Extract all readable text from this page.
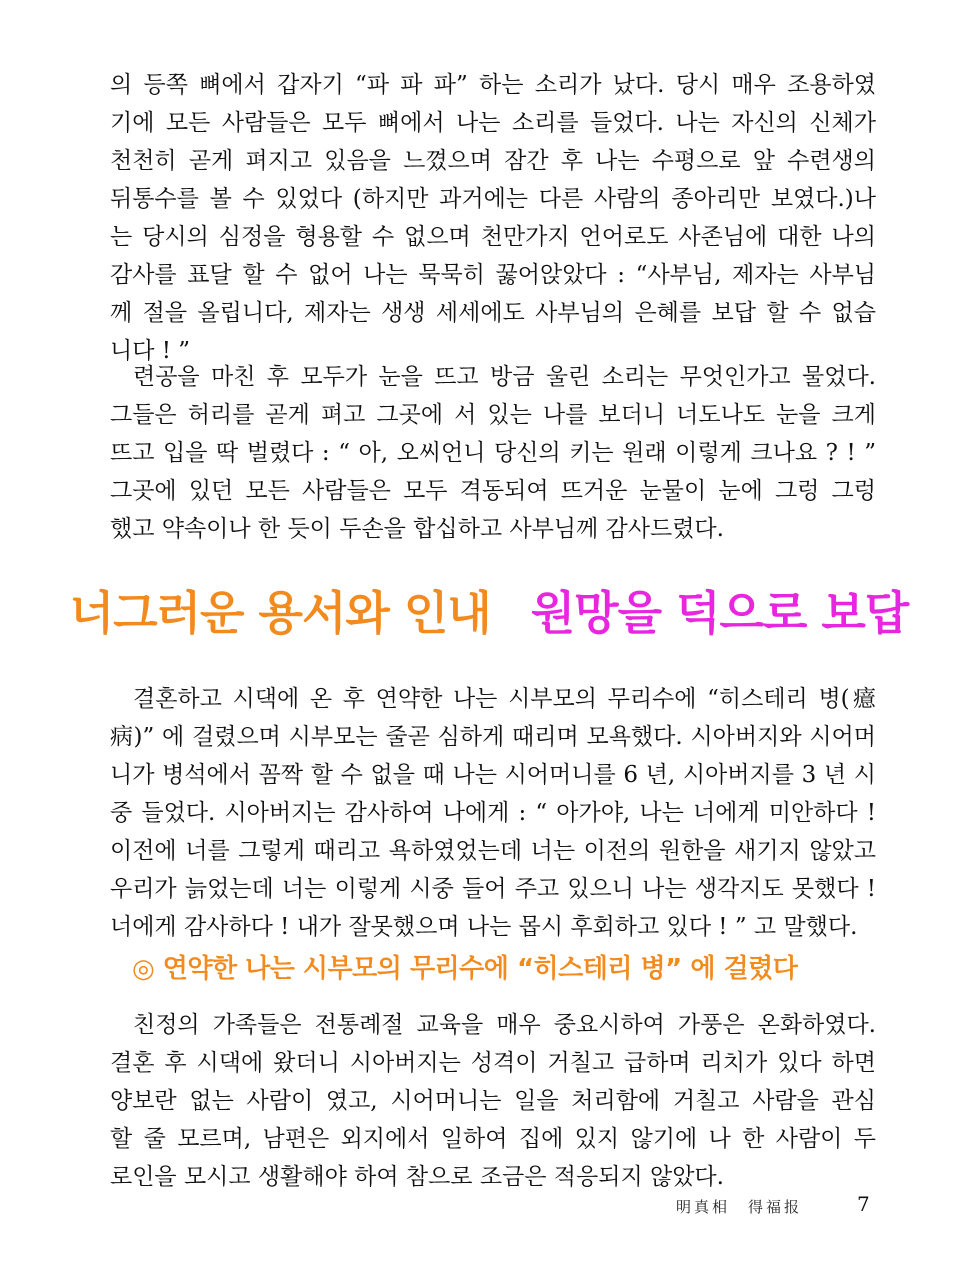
의 등쪽 뼈에서 갑자기 “파 파 파” 하는 소리가 났다. 당시 매우 조용하였
기에 모든 사람들은 모두 뼈에서 나는 소리를 들었다. 나는 자신의 신체가
천천히 곧게 펴지고 있음을 느꼈으며 잠간 후 나는 수평으로 앞 수련생의
뒤통수를 볼 수 있었다 (하지만 과거에는 다른 사람의 종아리만 보였다.)나
는 당시의 심정을 형용할 수 없으며 천만가지 언어로도 사존님에 대한 나의
감사를 표달 할 수 없어 나는 묵묵히 꿇어앉았다 : “사부님, 제자는 사부님
께 절을 올립니다, 제자는 생생 세세에도 사부님의 은혜를 보답 할 수 없습
니다 ! ”
련공을 마친 후 모두가 눈을 뜨고 방금 울린 소리는 무엇인가고 물었다.
그들은 허리를 곧게 펴고 그곳에 서 있는 나를 보더니 너도나도 눈을 크게
뜨고 입을 딱 벌렸다 : “ 아, 오씨언니 당신의 키는 원래 이렇게 크나요 ? ! ”
그곳에 있던 모든 사람들은 모두 격동되여 뜨거운 눈물이 눈에 그렁 그렁
했고 약속이나 한 듯이 두손을 합십하고 사부님께 감사드렸다.
너그러운 용서와 인내 원망을 덕으로 보답
결혼하고 시댁에 온 후 연약한 나는 시부모의 무리수에 “히스테리 병(癔
病)” 에 걸렸으며 시부모는 줄곧 심하게 때리며 모욕했다. 시아버지와 시어머
니가 병석에서 꼼짝 할 수 없을 때 나는 시어머니를 6 년, 시아버지를 3 년 시
중 들었다. 시아버지는 감사하여 나에게 : “ 아가야, 나는 너에게 미안하다 !
이전에 너를 그렇게 때리고 욕하였었는데 너는 이전의 원한을 새기지 않았고
우리가 늙었는데 너는 이렇게 시중 들어 주고 있으니 나는 생각지도 못했다 !
너에게 감사하다 ! 내가 잘못했으며 나는 몹시 후회하고 있다 ! ” 고 말했다.
◎ 연약한 나는 시부모의 무리수에 “히스테리 병” 에 걸렸다
친정의 가족들은 전통례절 교육을 매우 중요시하여 가풍은 온화하였다.
결혼 후 시댁에 왔더니 시아버지는 성격이 거칠고 급하며 리치가 있다 하면
양보란 없는 사람이 였고, 시어머니는 일을 처리함에 거칠고 사람을 관심
할 줄 모르며, 남편은 외지에서 일하여 집에 있지 않기에 나 한 사람이 두
로인을 모시고 생활해야 하여 참으로 조금은 적응되지 않았다.
明真相　得福报	7
